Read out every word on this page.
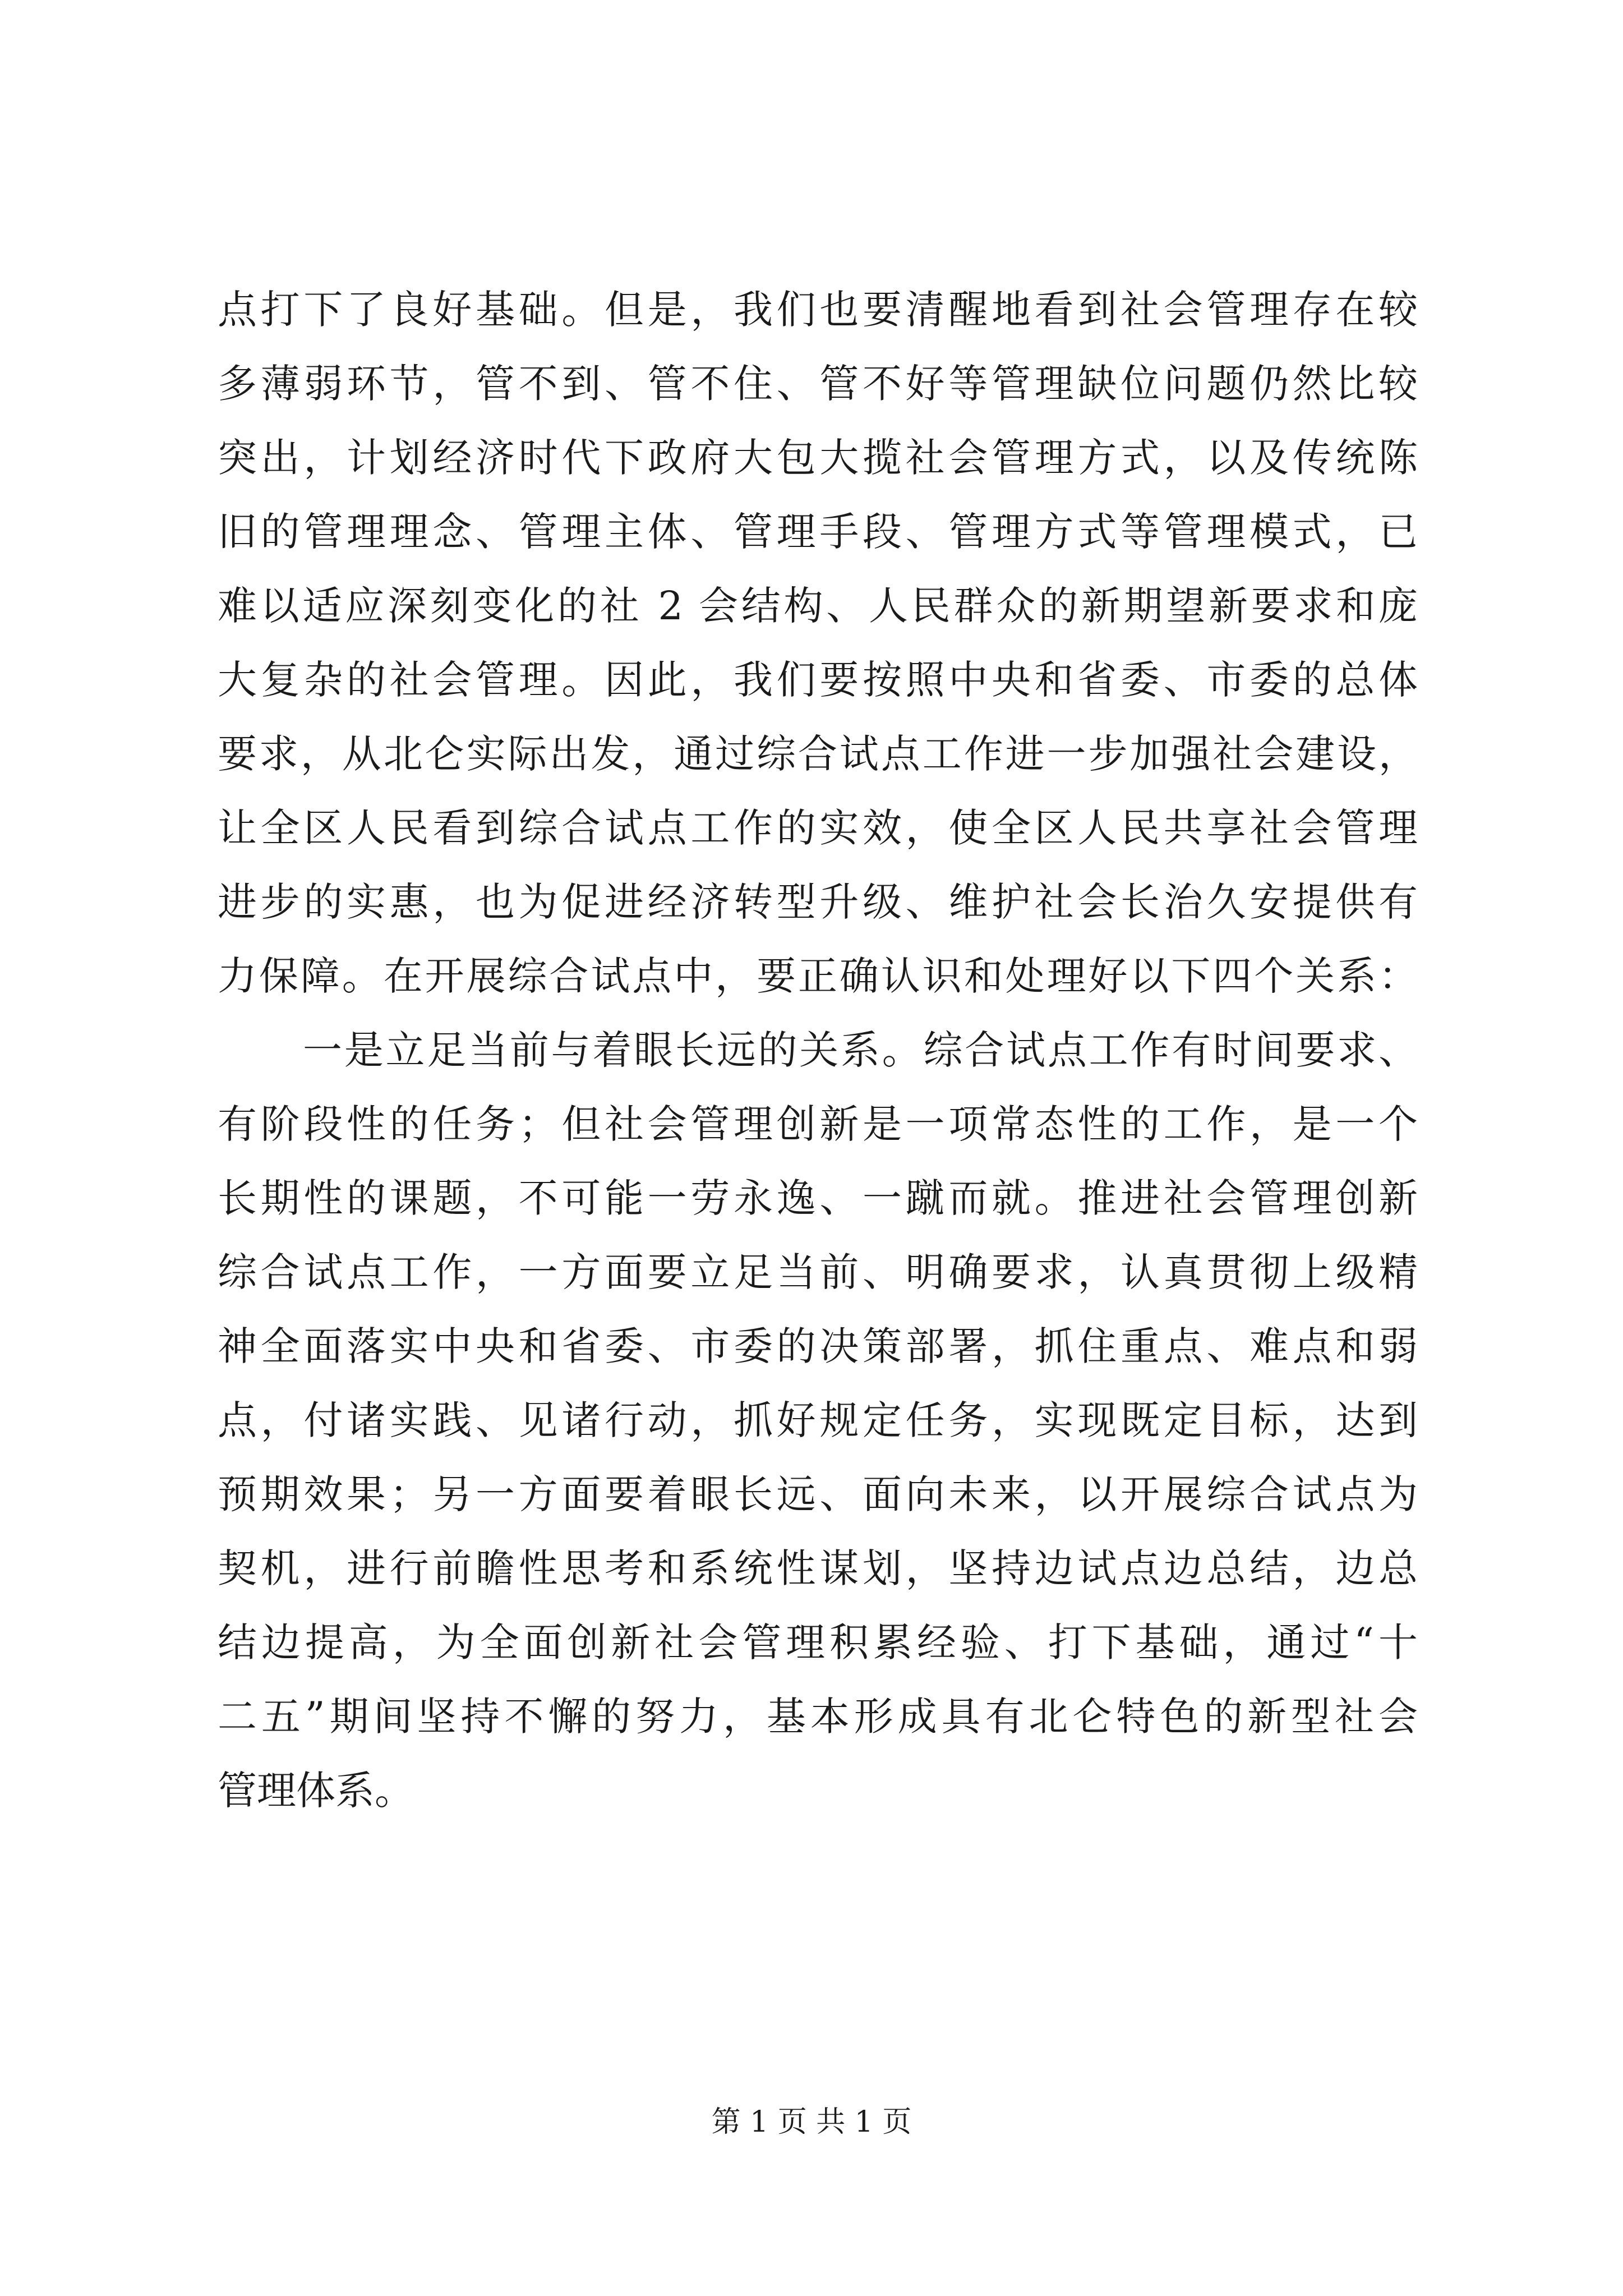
点打下了良好基础。但是，我们也要清醒地看到社会管理存在较
多薄弱环节，管不到、管不住、管不好等管理缺位问题仍然比较
突出，计划经济时代下政府大包大揽社会管理方式，以及传统陈
旧的管理理念、管理主体、管理手段、管理方式等管理模式，已
难以适应深刻变化的社 2 会结构、人民群众的新期望新要求和庞
大复杂的社会管理。因此，我们要按照中央和省委、市委的总体
要求，从北仑实际出发，通过综合试点工作进一步加强社会建设，
让全区人民看到综合试点工作的实效，使全区人民共享社会管理
进步的实惠，也为促进经济转型升级、维护社会长治久安提供有
力保障。在开展综合试点中，要正确认识和处理好以下四个关系：
一是立足当前与着眼长远的关系。综合试点工作有时间要求、
有阶段性的任务；但社会管理创新是一项常态性的工作，是一个
长期性的课题，不可能一劳永逸、一蹴而就。推进社会管理创新
综合试点工作，一方面要立足当前、明确要求，认真贯彻上级精
神全面落实中央和省委、市委的决策部署，抓住重点、难点和弱
点，付诸实践、见诸行动，抓好规定任务，实现既定目标，达到
预期效果；另一方面要着眼长远、面向未来，以开展综合试点为
契机，进行前瞻性思考和系统性谋划，坚持边试点边总结，边总
结边提高，为全面创新社会管理积累经验、打下基础，通过“十
二五”期间坚持不懈的努力，基本形成具有北仑特色的新型社会
管理体系。
第 1 页 共 1 页
